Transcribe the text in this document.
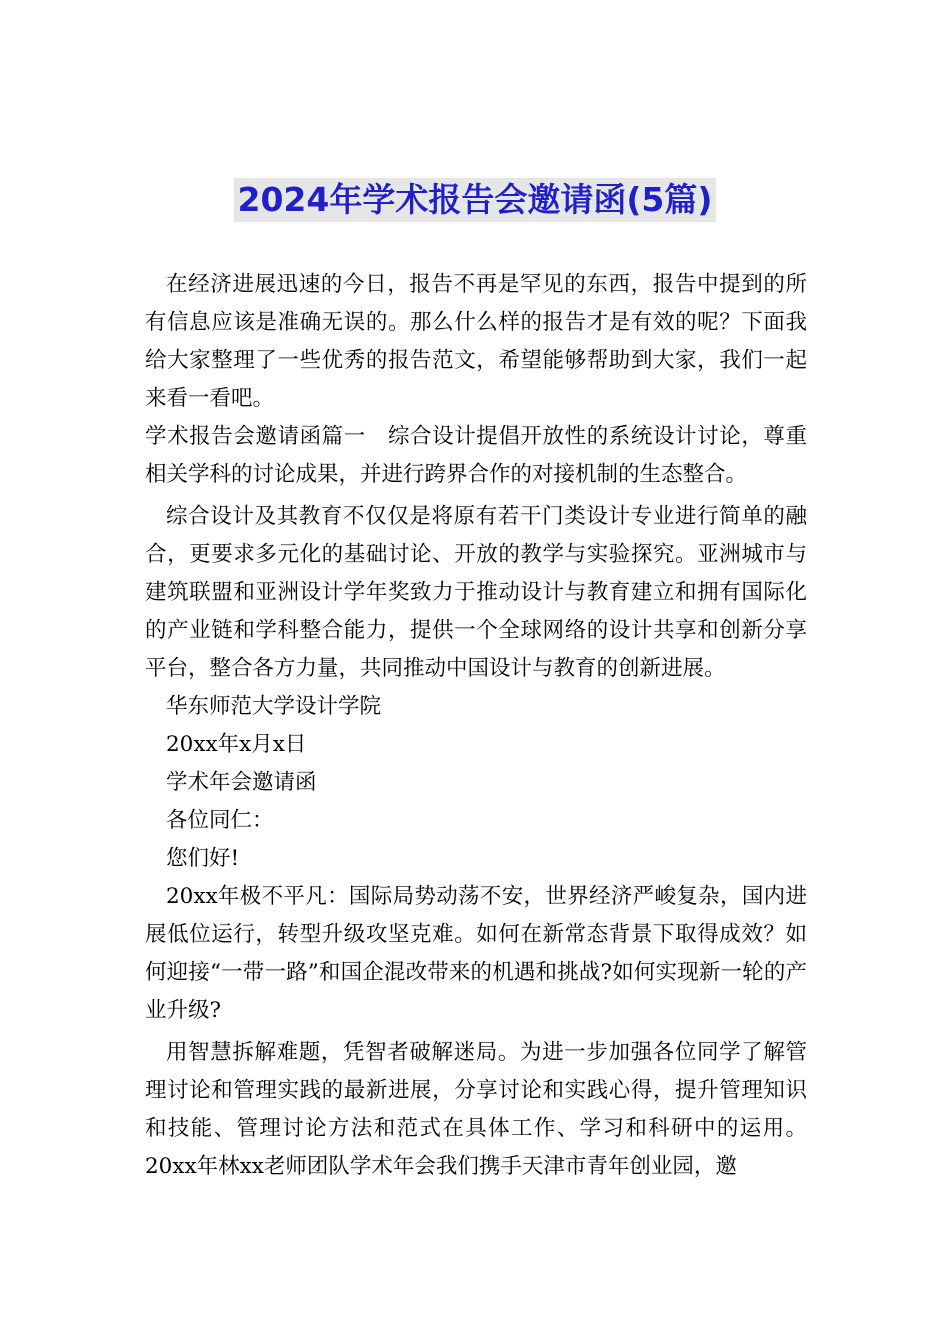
2024年学术报告会邀请函(5篇)

在经济进展迅速的今日，报告不再是罕见的东西，报告中提到的所有信息应该是准确无误的。那么什么样的报告才是有效的呢？下面我给大家整理了一些优秀的报告范文，希望能够帮助到大家，我们一起来看一看吧。

学术报告会邀请函篇一　综合设计提倡开放性的系统设计讨论，尊重相关学科的讨论成果，并进行跨界合作的对接机制的生态整合。

综合设计及其教育不仅仅是将原有若干门类设计专业进行简单的融合，更要求多元化的基础讨论、开放的教学与实验探究。亚洲城市与建筑联盟和亚洲设计学年奖致力于推动设计与教育建立和拥有国际化的产业链和学科整合能力，提供一个全球网络的设计共享和创新分享平台，整合各方力量，共同推动中国设计与教育的创新进展。

华东师范大学设计学院

20xx年x月x日

学术年会邀请函

各位同仁：

您们好!

20xx年极不平凡：国际局势动荡不安，世界经济严峻复杂，国内进展低位运行，转型升级攻坚克难。如何在新常态背景下取得成效？如何迎接“一带一路”和国企混改带来的机遇和挑战?如何实现新一轮的产业升级?

用智慧拆解难题，凭智者破解迷局。为进一步加强各位同学了解管理讨论和管理实践的最新进展，分享讨论和实践心得，提升管理知识和技能、管理讨论方法和范式在具体工作、学习和科研中的运用。20xx年林xx老师团队学术年会我们携手天津市青年创业园，邀
